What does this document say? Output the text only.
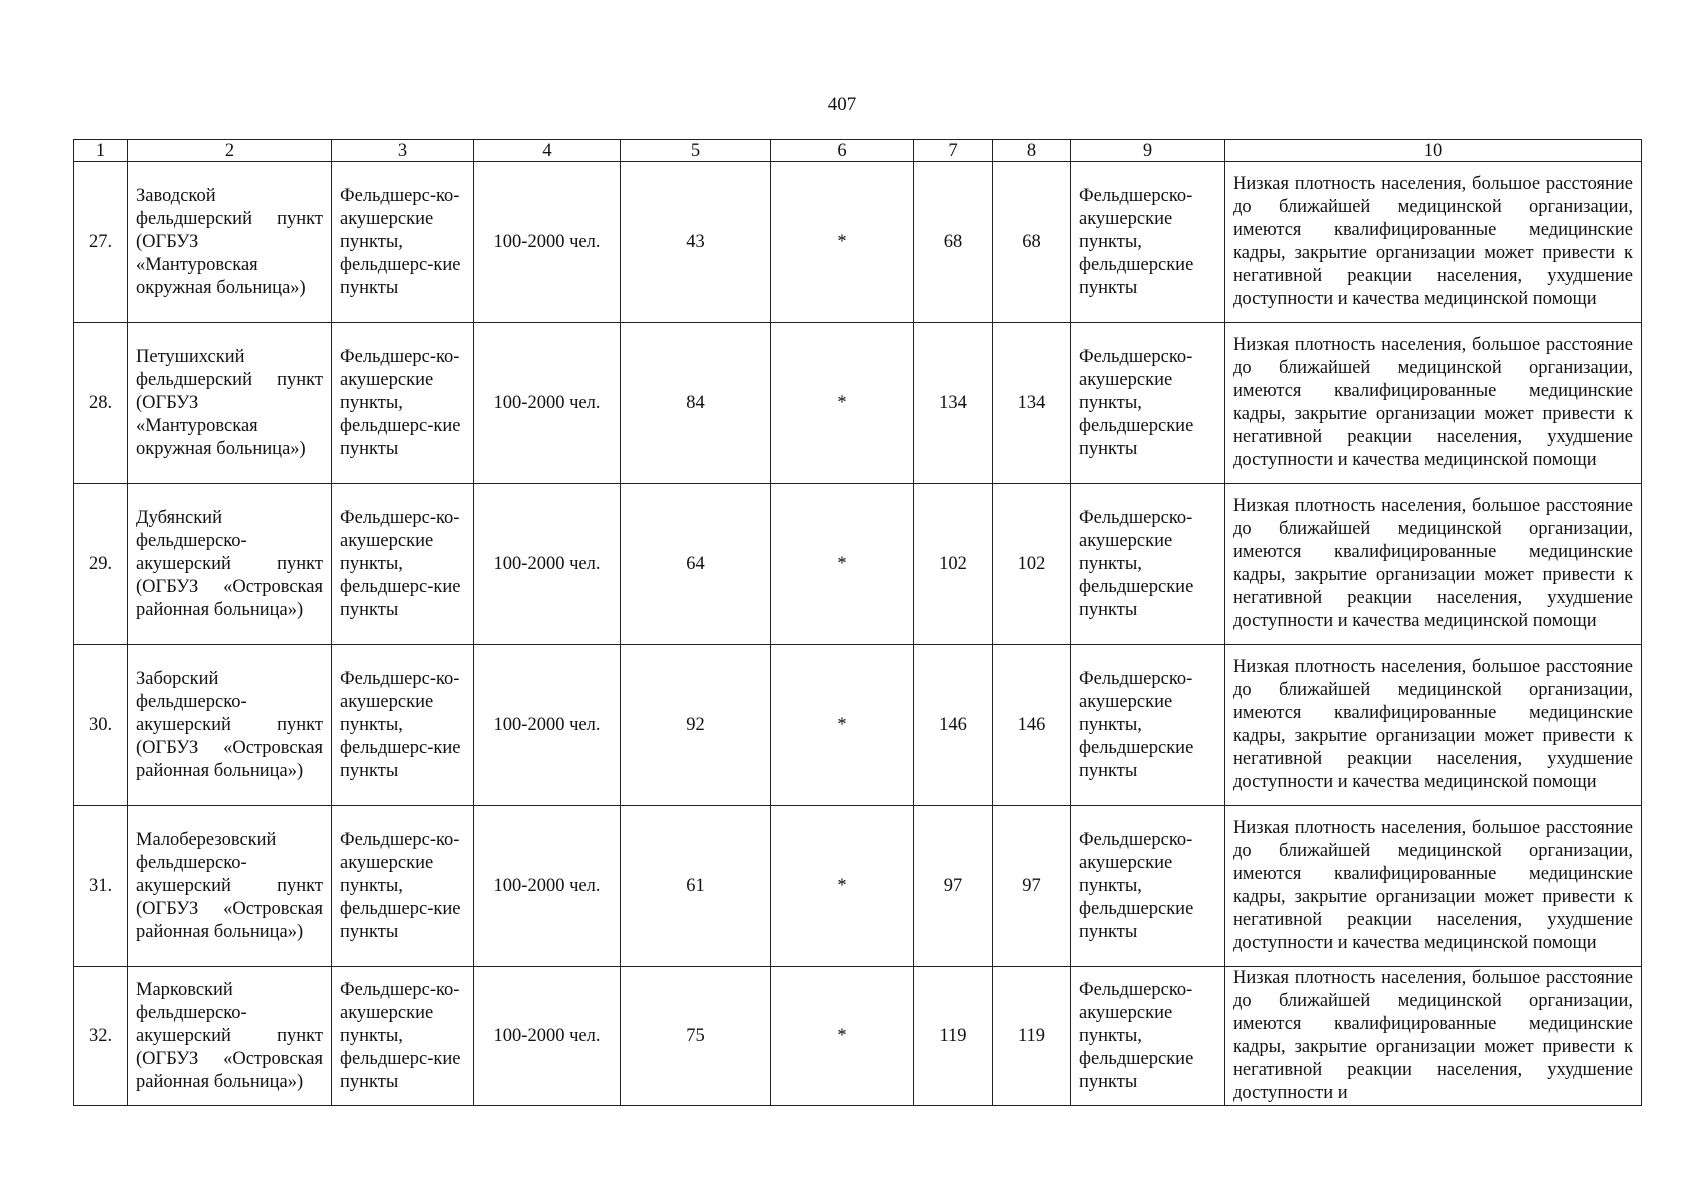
407
1	2	3	4	5	6	7	8	9	10
27.	Заводской фельдшерский пункт (ОГБУЗ «Мантуровская окружная больница»)	Фельдшерс-ко-акушерские пункты, фельдшерс-кие пункты	100-2000 чел.	43	*	68	68	Фельдшерско-акушерские пункты, фельдшерские пункты	Низкая плотность населения, большое расстояние до ближайшей медицинской организации, имеются квалифицированные медицинские кадры, закрытие организации может привести к негативной реакции населения, ухудшение доступности и качества медицинской помощи
28.	Петушихский фельдшерский пункт (ОГБУЗ «Мантуровская окружная больница»)	Фельдшерс-ко-акушерские пункты, фельдшерс-кие пункты	100-2000 чел.	84	*	134	134	Фельдшерско-акушерские пункты, фельдшерские пункты	Низкая плотность населения, большое расстояние до ближайшей медицинской организации, имеются квалифицированные медицинские кадры, закрытие организации может привести к негативной реакции населения, ухудшение доступности и качества медицинской помощи
29.	Дубянский фельдшерско-акушерский пункт (ОГБУЗ «Островская районная больница»)	Фельдшерс-ко-акушерские пункты, фельдшерс-кие пункты	100-2000 чел.	64	*	102	102	Фельдшерско-акушерские пункты, фельдшерские пункты	Низкая плотность населения, большое расстояние до ближайшей медицинской организации, имеются квалифицированные медицинские кадры, закрытие организации может привести к негативной реакции населения, ухудшение доступности и качества медицинской помощи
30.	Заборский фельдшерско-акушерский пункт (ОГБУЗ «Островская районная больница»)	Фельдшерс-ко-акушерские пункты, фельдшерс-кие пункты	100-2000 чел.	92	*	146	146	Фельдшерско-акушерские пункты, фельдшерские пункты	Низкая плотность населения, большое расстояние до ближайшей медицинской организации, имеются квалифицированные медицинские кадры, закрытие организации может привести к негативной реакции населения, ухудшение доступности и качества медицинской помощи
31.	Малоберезовский фельдшерско-акушерский пункт (ОГБУЗ «Островская районная больница»)	Фельдшерс-ко-акушерские пункты, фельдшерс-кие пункты	100-2000 чел.	61	*	97	97	Фельдшерско-акушерские пункты, фельдшерские пункты	Низкая плотность населения, большое расстояние до ближайшей медицинской организации, имеются квалифицированные медицинские кадры, закрытие организации может привести к негативной реакции населения, ухудшение доступности и качества медицинской помощи
32.	Марковский фельдшерско-акушерский пункт (ОГБУЗ «Островская районная больница»)	Фельдшерс-ко-акушерские пункты, фельдшерс-кие пункты	100-2000 чел.	75	*	119	119	Фельдшерско-акушерские пункты, фельдшерские пункты	Низкая плотность населения, большое расстояние до ближайшей медицинской организации, имеются квалифицированные медицинские кадры, закрытие организации может привести к негативной реакции населения, ухудшение доступности и
